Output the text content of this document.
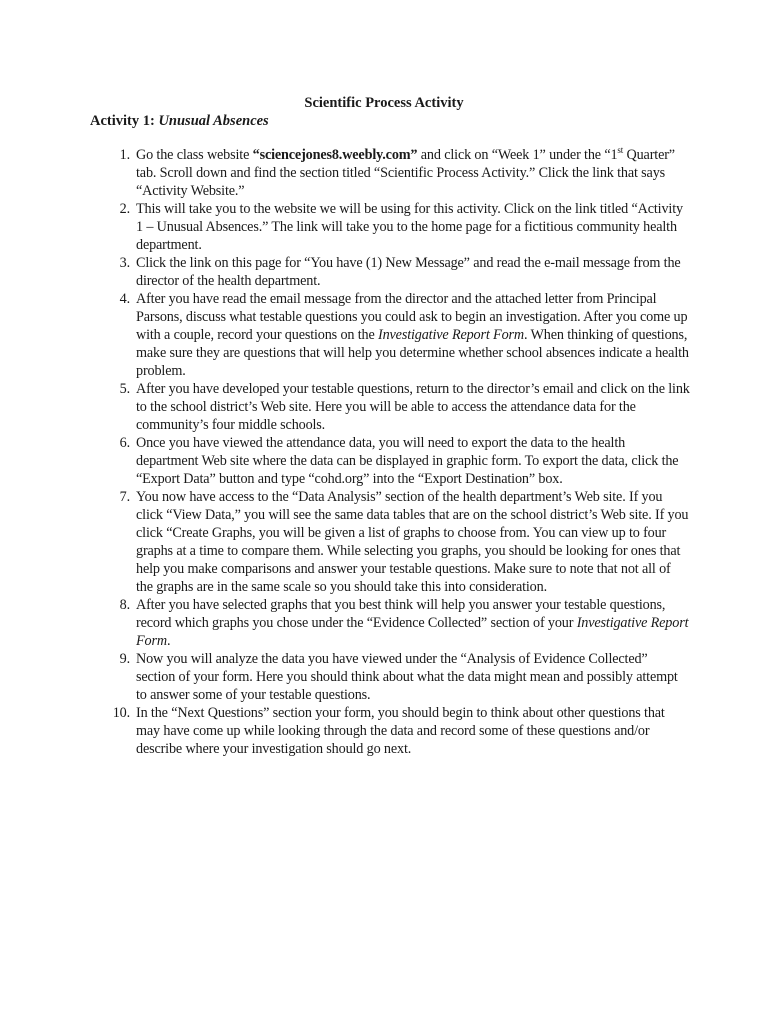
Scientific Process Activity
Activity 1: Unusual Absences
1. Go the class website “sciencejones8.weebly.com” and click on “Week 1” under the “1st Quarter” tab. Scroll down and find the section titled “Scientific Process Activity.” Click the link that says “Activity Website.”
2. This will take you to the website we will be using for this activity. Click on the link titled “Activity 1 – Unusual Absences.” The link will take you to the home page for a fictitious community health department.
3. Click the link on this page for “You have (1) New Message” and read the e-mail message from the director of the health department.
4. After you have read the email message from the director and the attached letter from Principal Parsons, discuss what testable questions you could ask to begin an investigation. After you come up with a couple, record your questions on the Investigative Report Form. When thinking of questions, make sure they are questions that will help you determine whether school absences indicate a health problem.
5. After you have developed your testable questions, return to the director’s email and click on the link to the school district’s Web site. Here you will be able to access the attendance data for the community’s four middle schools.
6. Once you have viewed the attendance data, you will need to export the data to the health department Web site where the data can be displayed in graphic form. To export the data, click the “Export Data” button and type “cohd.org” into the “Export Destination” box.
7. You now have access to the “Data Analysis” section of the health department’s Web site. If you click “View Data,” you will see the same data tables that are on the school district’s Web site. If you click “Create Graphs, you will be given a list of graphs to choose from. You can view up to four graphs at a time to compare them. While selecting you graphs, you should be looking for ones that help you make comparisons and answer your testable questions. Make sure to note that not all of the graphs are in the same scale so you should take this into consideration.
8. After you have selected graphs that you best think will help you answer your testable questions, record which graphs you chose under the “Evidence Collected” section of your Investigative Report Form.
9. Now you will analyze the data you have viewed under the “Analysis of Evidence Collected” section of your form. Here you should think about what the data might mean and possibly attempt to answer some of your testable questions.
10. In the “Next Questions” section your form, you should begin to think about other questions that may have come up while looking through the data and record some of these questions and/or describe where your investigation should go next.
